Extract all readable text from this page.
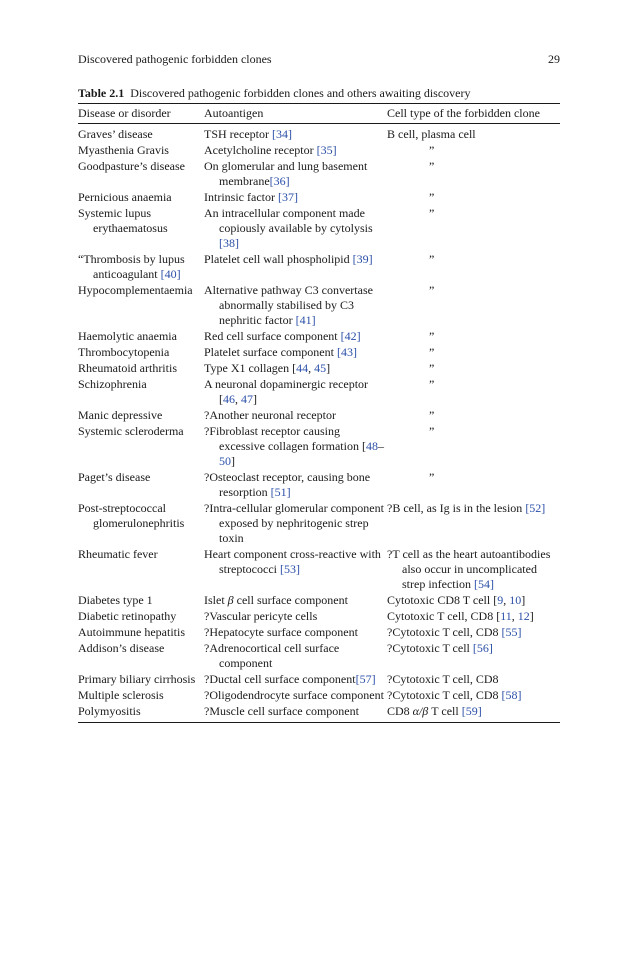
Discovered pathogenic forbidden clones	29

Table 2.1 Discovered pathogenic forbidden clones and others awaiting discovery

Disease or disorder	Autoantigen	Cell type of the forbidden clone
Graves’ disease	TSH receptor [34]	B cell, plasma cell
Myasthenia Gravis	Acetylcholine receptor [35]	”
Goodpasture’s disease	On glomerular and lung basement membrane[36]	”
Pernicious anaemia	Intrinsic factor [37]	”
Systemic lupus erythaematosus	An intracellular component made copiously available by cytolysis [38]	”
“Thrombosis by lupus anticoagulant [40]	Platelet cell wall phospholipid [39]	”
Hypocomplementaemia	Alternative pathway C3 convertase abnormally stabilised by C3 nephritic factor [41]	”
Haemolytic anaemia	Red cell surface component [42]	”
Thrombocytopenia	Platelet surface component [43]	”
Rheumatoid arthritis	Type X1 collagen [44, 45]	”
Schizophrenia	A neuronal dopaminergic receptor [46, 47]	”
Manic depressive	?Another neuronal receptor	”
Systemic scleroderma	?Fibroblast receptor causing excessive collagen formation [48– 50]	”
Paget’s disease	?Osteoclast receptor, causing bone resorption [51]	”
Post-streptococcal glomerulonephritis	?Intra-cellular glomerular component exposed by nephritogenic strep toxin	?B cell, as Ig is in the lesion [52]
Rheumatic fever	Heart component cross-reactive with streptococci [53]	?T cell as the heart autoantibodies also occur in uncomplicated strep infection [54]
Diabetes type 1	Islet β cell surface component	Cytotoxic CD8 T cell [9, 10]
Diabetic retinopathy	?Vascular pericyte cells	Cytotoxic T cell, CD8 [11, 12]
Autoimmune hepatitis	?Hepatocyte surface component	?Cytotoxic T cell, CD8 [55]
Addison’s disease	?Adrenocortical cell surface component	?Cytotoxic T cell [56]
Primary biliary cirrhosis	?Ductal cell surface component[57]	?Cytotoxic T cell, CD8
Multiple sclerosis	?Oligodendrocyte surface component	?Cytotoxic T cell, CD8 [58]
Polymyositis	?Muscle cell surface component	CD8 α/β T cell [59]
